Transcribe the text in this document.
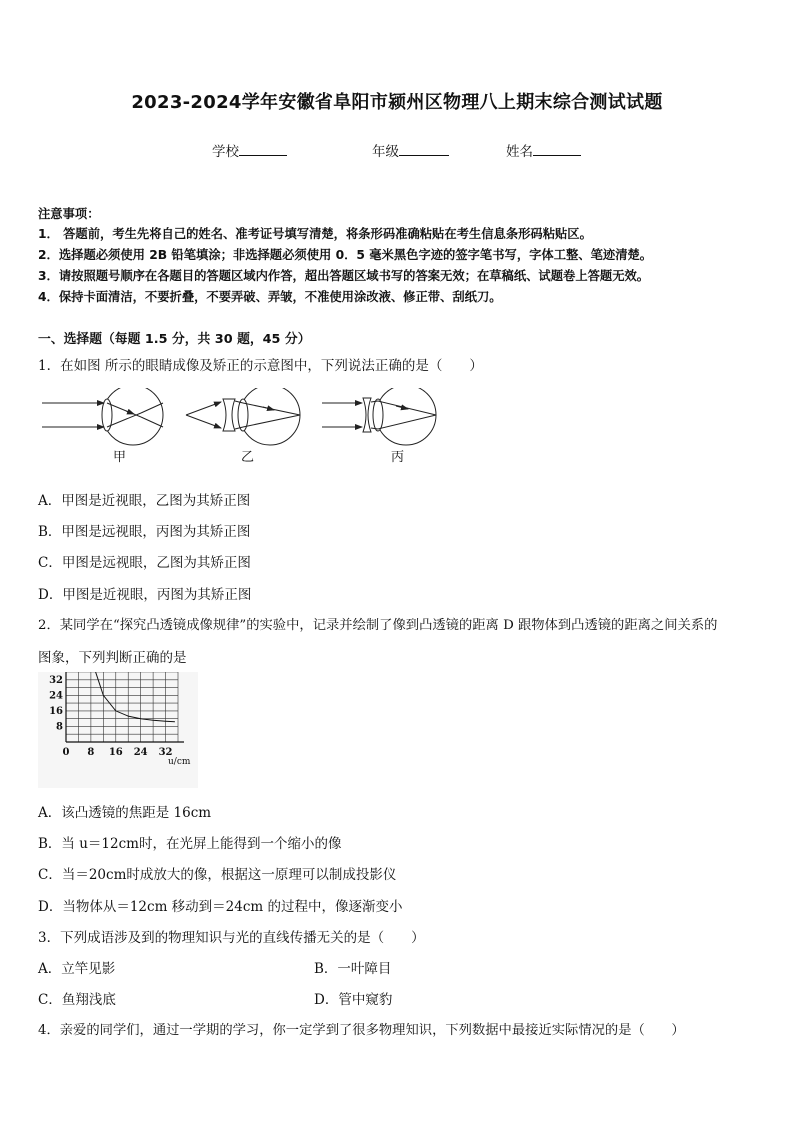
2023-2024学年安徽省阜阳市颍州区物理八上期末综合测试试题
学校	年级	姓名
注意事项：
1． 答题前，考生先将自己的姓名、准考证号填写清楚，将条形码准确粘贴在考生信息条形码粘贴区。
2．选择题必须使用 2B 铅笔填涂；非选择题必须使用 0．5 毫米黑色字迹的签字笔书写，字体工整、笔迹清楚。
3．请按照题号顺序在各题目的答题区域内作答，超出答题区域书写的答案无效；在草稿纸、试题卷上答题无效。
4．保持卡面清洁，不要折叠，不要弄破、弄皱，不准使用涂改液、修正带、刮纸刀。
一、选择题（每题 1.5 分，共 30 题，45 分）
1．在如图 所示的眼睛成像及矫正的示意图中，下列说法正确的是（　　）
甲	乙	丙
A．甲图是近视眼，乙图为其矫正图
B．甲图是远视眼，丙图为其矫正图
C．甲图是远视眼，乙图为其矫正图
D．甲图是近视眼，丙图为其矫正图
2．某同学在“探究凸透镜成像规律”的实验中，记录并绘制了像到凸透镜的距离 D 跟物体到凸透镜的距离之间关系的
图象，下列判断正确的是
32
24
16
8
0 8 16 24 32
u/cm
A．该凸透镜的焦距是 16cm
B．当 u＝12cm时，在光屏上能得到一个缩小的像
C．当＝20cm时成放大的像，根据这一原理可以制成投影仪
D．当物体从＝12cm 移动到＝24cm 的过程中，像逐渐变小
3．下列成语涉及到的物理知识与光的直线传播无关的是（　　）
A．立竿见影	B．一叶障目
C．鱼翔浅底	D．管中窥豹
4．亲爱的同学们，通过一学期的学习，你一定学到了很多物理知识，下列数据中最接近实际情况的是（　　）
